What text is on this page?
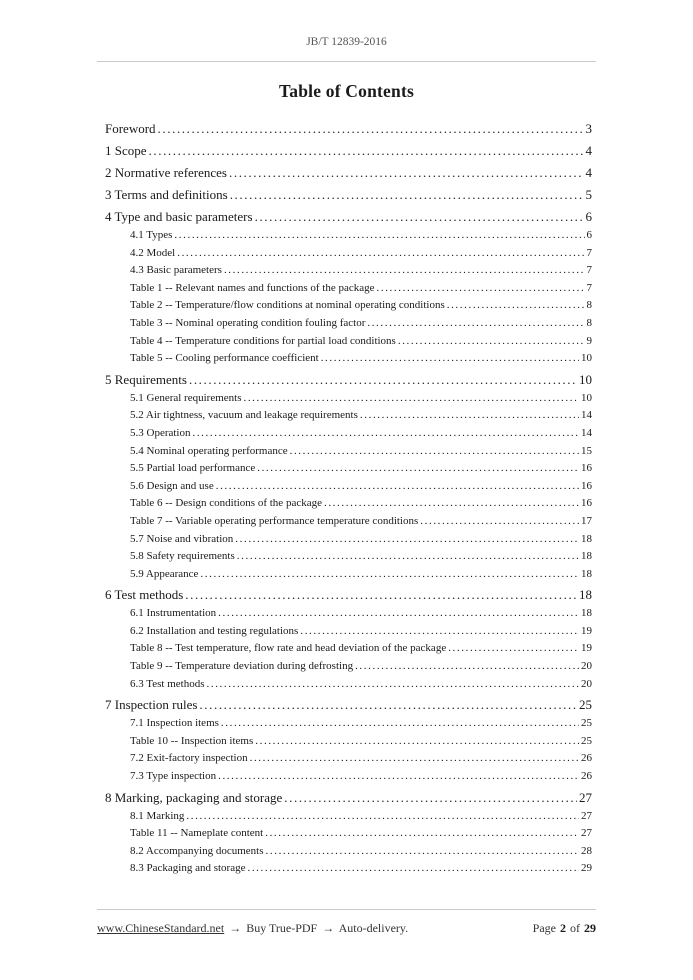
JB/T 12839-2016
Table of Contents
Foreword .....	3
1 Scope .....	4
2 Normative references .....	4
3 Terms and definitions .....	5
4 Type and basic parameters .....	6
4.1 Types .....	6
4.2 Model .....	7
4.3 Basic parameters .....	7
Table 1 -- Relevant names and functions of the package .....	7
Table 2 -- Temperature/flow conditions at nominal operating conditions .....	8
Table 3 -- Nominal operating condition fouling factor .....	8
Table 4 -- Temperature conditions for partial load conditions .....	9
Table 5 -- Cooling performance coefficient .....	10
5 Requirements .....	10
5.1 General requirements .....	10
5.2 Air tightness, vacuum and leakage requirements .....	14
5.3 Operation .....	14
5.4 Nominal operating performance .....	15
5.5 Partial load performance .....	16
5.6 Design and use .....	16
Table 6 -- Design conditions of the package .....	16
Table 7 -- Variable operating performance temperature conditions .....	17
5.7 Noise and vibration .....	18
5.8 Safety requirements .....	18
5.9 Appearance .....	18
6 Test methods .....	18
6.1 Instrumentation .....	18
6.2 Installation and testing regulations .....	19
Table 8 -- Test temperature, flow rate and head deviation of the package .....	19
Table 9 -- Temperature deviation during defrosting .....	20
6.3 Test methods .....	20
7 Inspection rules .....	25
7.1 Inspection items .....	25
Table 10 -- Inspection items .....	25
7.2 Exit-factory inspection .....	26
7.3 Type inspection .....	26
8 Marking, packaging and storage .....	27
8.1 Marking .....	27
Table 11 -- Nameplate content .....	27
8.2 Accompanying documents .....	28
8.3 Packaging and storage .....	29
www.ChineseStandard.net → Buy True-PDF → Auto-delivery.	Page 2 of 29
